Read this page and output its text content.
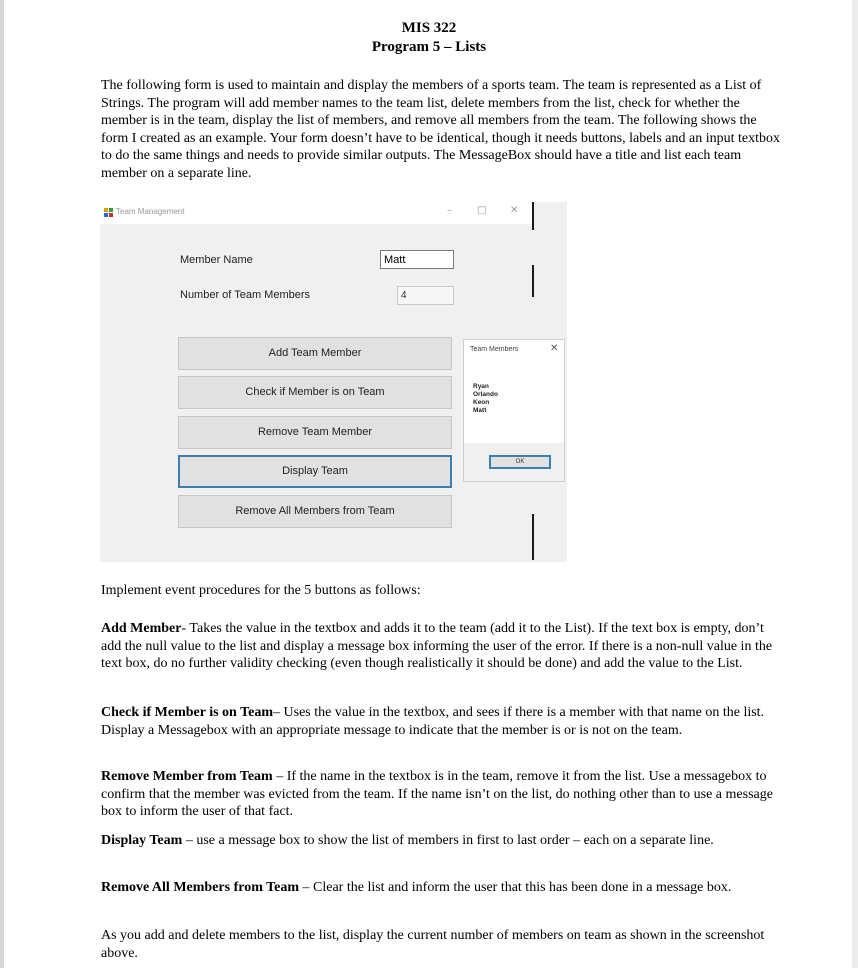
MIS 322
Program 5 – Lists
The following form is used to maintain and display the members of a sports team. The team is represented as a List of Strings. The program will add member names to the team list, delete members from the list, check for whether the member is in the team, display the list of members, and remove all members from the team. The following shows the form I created as an example. Your form doesn’t have to be identical, though it needs buttons, labels and an input textbox to do the same things and needs to provide similar outputs. The MessageBox should have a title and list each team member on a separate line.
Team Management	–	□ ✕
Member Name	Matt
Number of Team Members	4
Add Team Member
Check if Member is on Team
Remove Team Member
Display Team
Remove All Members from Team
Team Members	✕
Ryan
Orlando
Keon
Matt
OK
Implement event procedures for the 5 buttons as follows:
Add Member- Takes the value in the textbox and adds it to the team (add it to the List). If the text box is empty, don’t add the null value to the list and display a message box informing the user of the error. If there is a non-null value in the text box, do no further validity checking (even though realistically it should be done) and add the value to the List.
Check if Member is on Team– Uses the value in the textbox, and sees if there is a member with that name on the list. Display a Messagebox with an appropriate message to indicate that the member is or is not on the team.
Remove Member from Team – If the name in the textbox is in the team, remove it from the list. Use a messagebox to confirm that the member was evicted from the team. If the name isn’t on the list, do nothing other than to use a message box to inform the user of that fact.
Display Team – use a message box to show the list of members in first to last order – each on a separate line.
Remove All Members from Team – Clear the list and inform the user that this has been done in a message box.
As you add and delete members to the list, display the current number of members on team as shown in the screenshot above.
